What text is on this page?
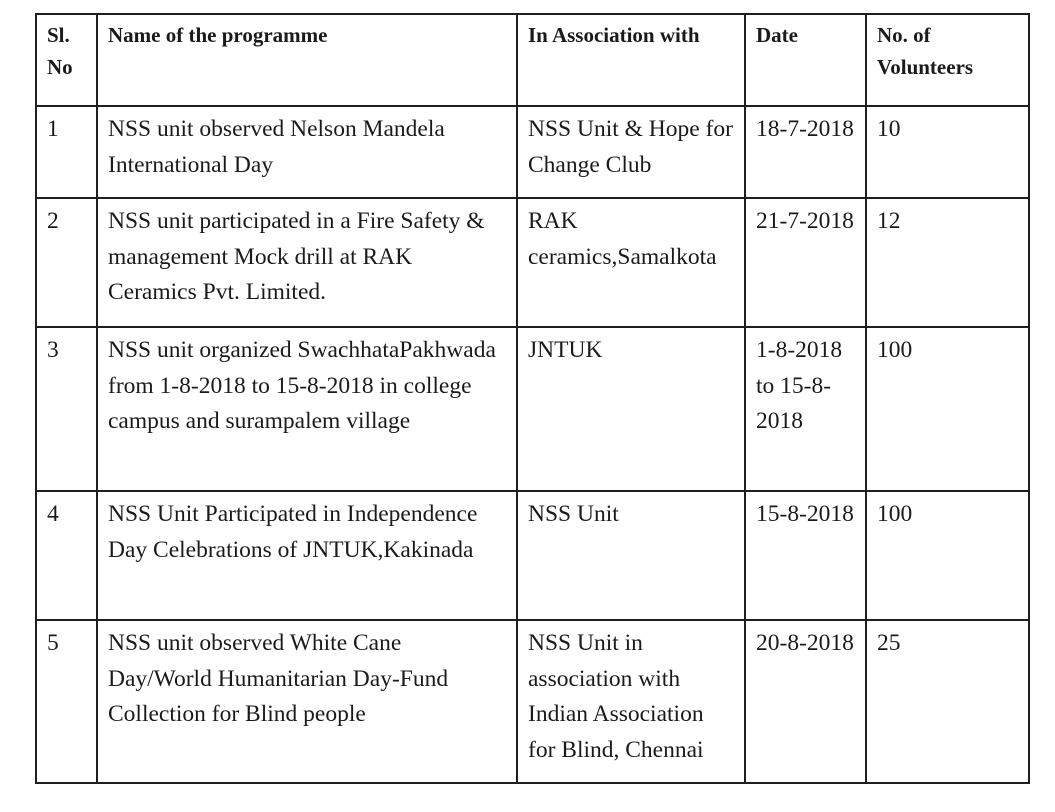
Sl. No	Name of the programme	In Association with	Date	No. of Volunteers

1	NSS unit observed Nelson Mandela International Day	NSS Unit & Hope for Change Club	18-7-2018	10

2	NSS unit participated in a Fire Safety & management Mock drill at RAK Ceramics Pvt. Limited.	RAK ceramics,Samalkota	21-7-2018	12

3	NSS unit organized SwachhataPakhwada from 1-8-2018 to 15-8-2018 in college campus and surampalem village	JNTUK	1-8-2018 to 15-8-2018	100

4	NSS Unit Participated in Independence Day Celebrations of JNTUK,Kakinada	NSS Unit	15-8-2018	100

5	NSS unit observed White Cane Day/World Humanitarian Day-Fund Collection for Blind people	NSS Unit in association with Indian Association for Blind, Chennai	20-8-2018	25
